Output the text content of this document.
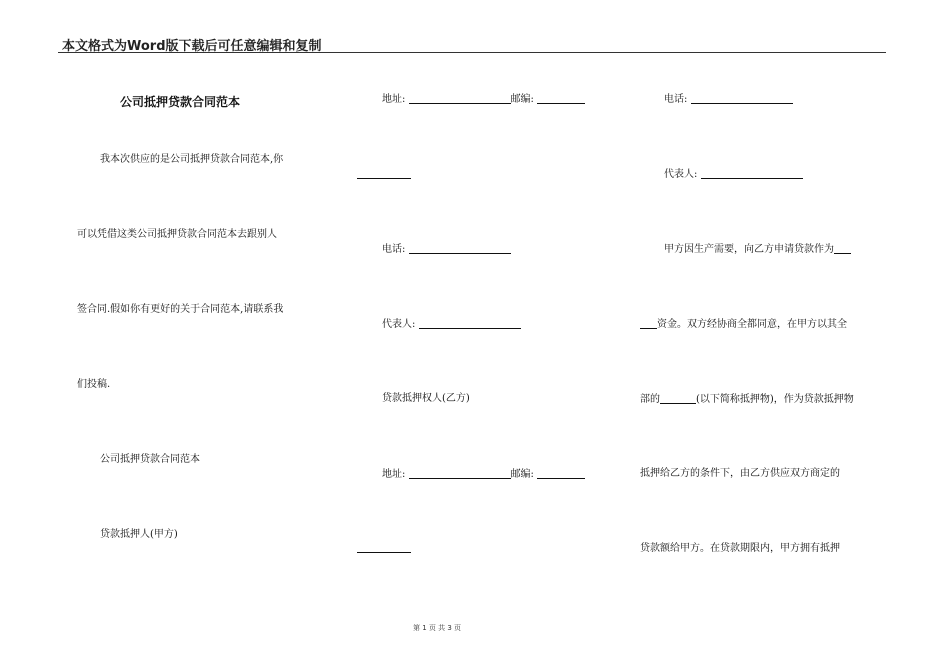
本文格式为Word版下载后可任意编辑和复制
公司抵押贷款合同范本
我本次供应的是公司抵押贷款合同范本,你
可以凭借这类公司抵押贷款合同范本去跟别人
签合同.假如你有更好的关于合同范本,请联系我
们投稿.
公司抵押贷款合同范本
贷款抵押人(甲方)
地址:	邮编:
电话:
代表人:
贷款抵押权人(乙方)
地址:	邮编:
电话:
代表人:
甲方因生产需要，向乙方申请贷款作为
资金。双方经协商全都同意，在甲方以其全
部的	(以下简称抵押物)，作为贷款抵押物
抵押给乙方的条件下，由乙方供应双方商定的
贷款额给甲方。在贷款期限内，甲方拥有抵押
第 1 页 共 3 页
